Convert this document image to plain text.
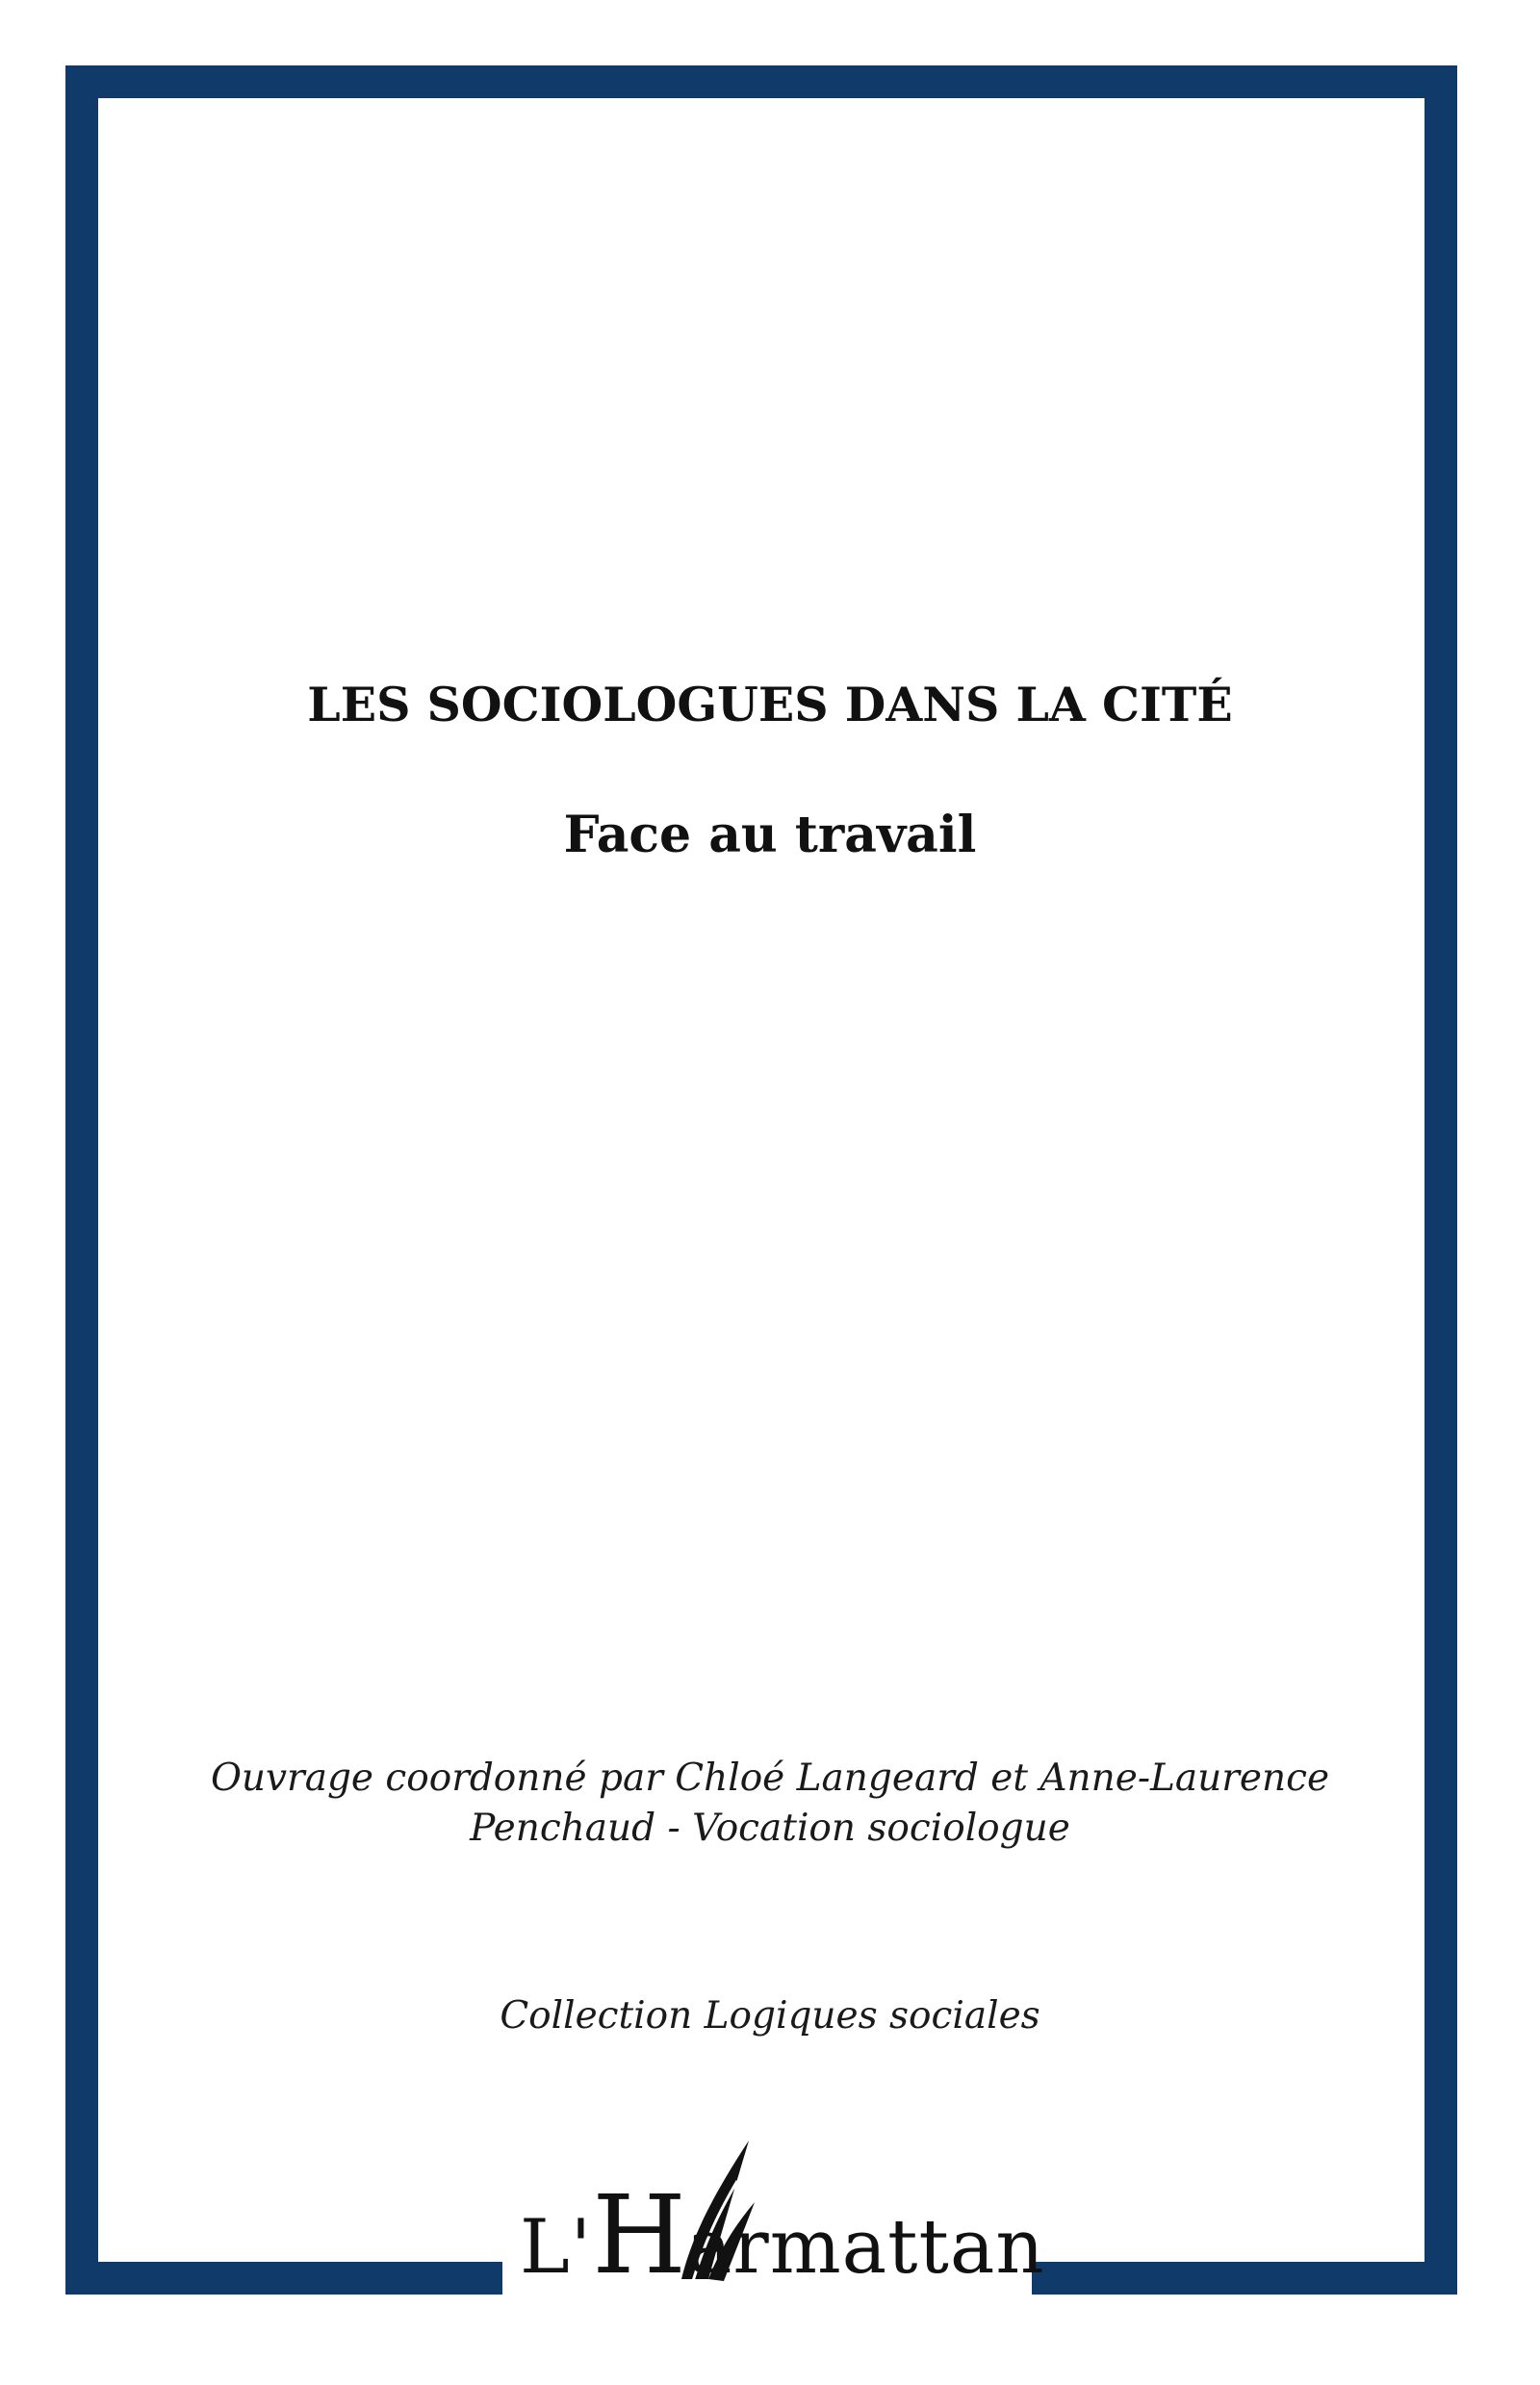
LES SOCIOLOGUES DANS LA CITÉ
Face au travail
Ouvrage coordonné par Chloé Langeard et Anne-Laurence
Penchaud - Vocation sociologue
Collection Logiques sociales
L'Harmattan
